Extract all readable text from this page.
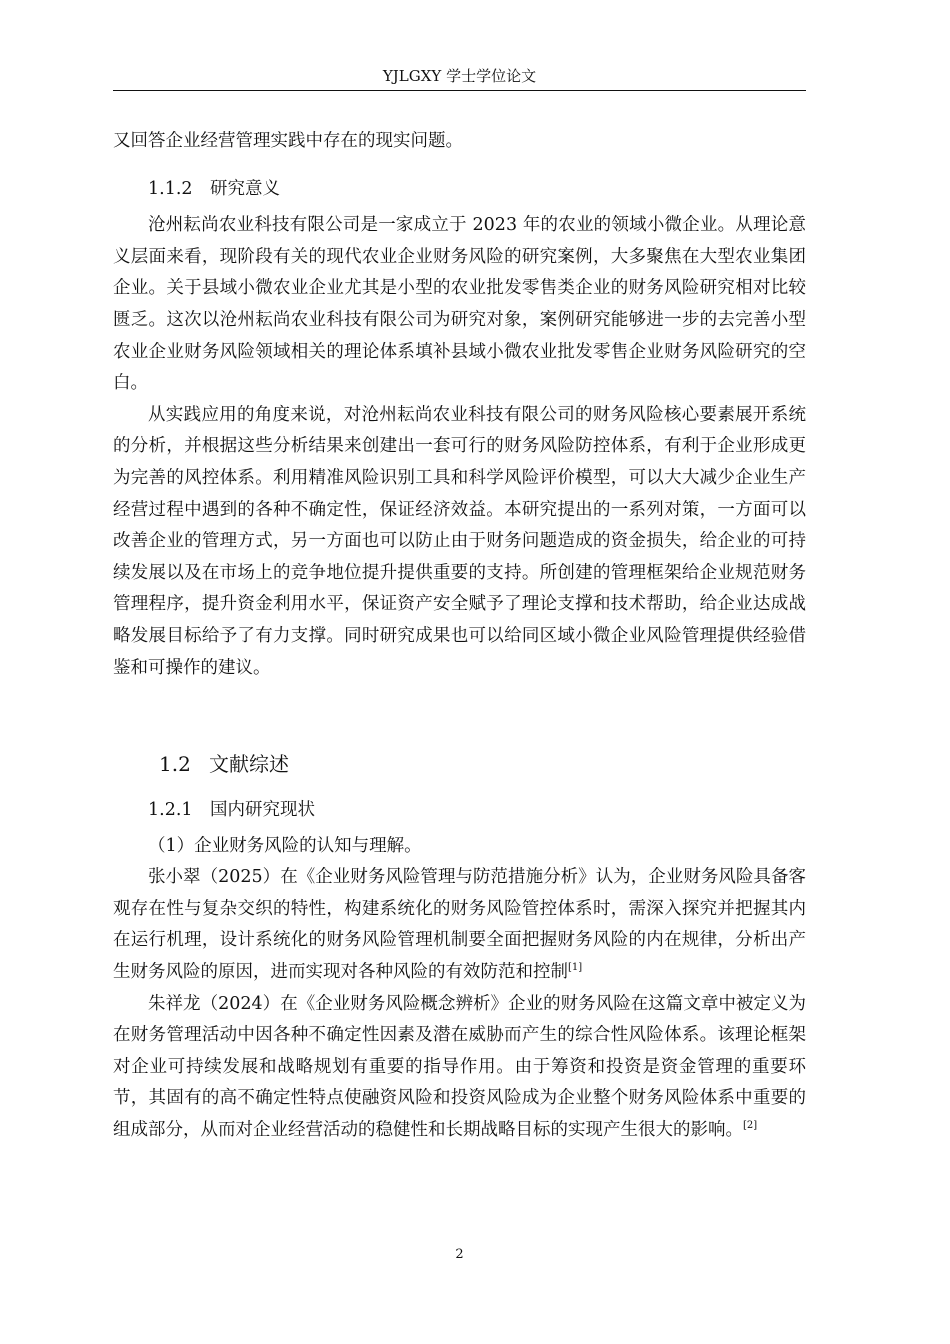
YJLGXY 学士学位论文

又回答企业经营管理实践中存在的现实问题。

1.1.2 研究意义

沧州耘尚农业科技有限公司是一家成立于 2023 年的农业的领域小微企业。从理论意义层面来看，现阶段有关的现代农业企业财务风险的研究案例，大多聚焦在大型农业集团企业。关于县域小微农业企业尤其是小型的农业批发零售类企业的财务风险研究相对比较匮乏。这次以沧州耘尚农业科技有限公司为研究对象，案例研究能够进一步的去完善小型农业企业财务风险领域相关的理论体系填补县域小微农业批发零售企业财务风险研究的空白。

从实践应用的角度来说，对沧州耘尚农业科技有限公司的财务风险核心要素展开系统的分析，并根据这些分析结果来创建出一套可行的财务风险防控体系，有利于企业形成更为完善的风控体系。利用精准风险识别工具和科学风险评价模型，可以大大减少企业生产经营过程中遇到的各种不确定性，保证经济效益。本研究提出的一系列对策，一方面可以改善企业的管理方式，另一方面也可以防止由于财务问题造成的资金损失，给企业的可持续发展以及在市场上的竞争地位提升提供重要的支持。所创建的管理框架给企业规范财务管理程序，提升资金利用水平，保证资产安全赋予了理论支撑和技术帮助，给企业达成战略发展目标给予了有力支撑。同时研究成果也可以给同区域小微企业风险管理提供经验借鉴和可操作的建议。

1.2 文献综述

1.2.1 国内研究现状

（1）企业财务风险的认知与理解。

张小翠（2025）在《企业财务风险管理与防范措施分析》认为，企业财务风险具备客观存在性与复杂交织的特性，构建系统化的财务风险管控体系时，需深入探究并把握其内在运行机理，设计系统化的财务风险管理机制要全面把握财务风险的内在规律，分析出产生财务风险的原因，进而实现对各种风险的有效防范和控制[1]

朱祥龙（2024）在《企业财务风险概念辨析》企业的财务风险在这篇文章中被定义为在财务管理活动中因各种不确定性因素及潜在威胁而产生的综合性风险体系。该理论框架对企业可持续发展和战略规划有重要的指导作用。由于筹资和投资是资金管理的重要环节，其固有的高不确定性特点使融资风险和投资风险成为企业整个财务风险体系中重要的组成部分，从而对企业经营活动的稳健性和长期战略目标的实现产生很大的影响。[2]

2
